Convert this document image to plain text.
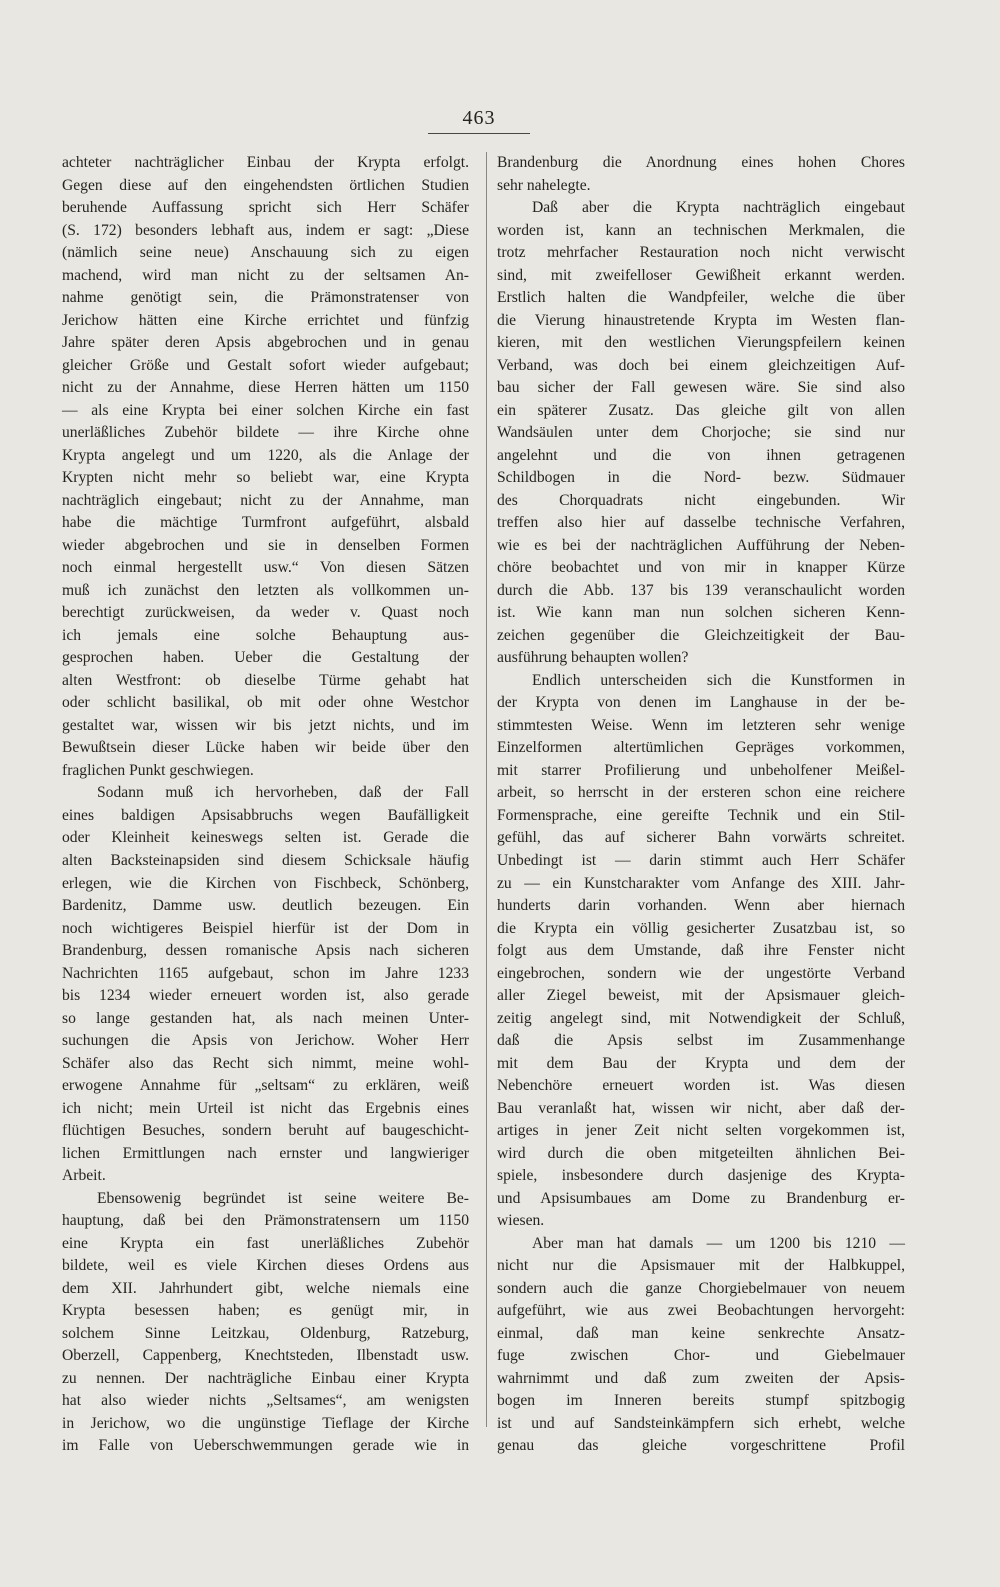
463
achteter nachträglicher Einbau der Krypta erfolgt.
Gegen diese auf den eingehendsten örtlichen Studien
beruhende Auffassung spricht sich Herr Schäfer
(S. 172) besonders lebhaft aus, indem er sagt: „Diese
(nämlich seine neue) Anschauung sich zu eigen
machend, wird man nicht zu der seltsamen An-
nahme genötigt sein, die Prämonstratenser von
Jerichow hätten eine Kirche errichtet und fünfzig
Jahre später deren Apsis abgebrochen und in genau
gleicher Größe und Gestalt sofort wieder aufgebaut;
nicht zu der Annahme, diese Herren hätten um 1150
— als eine Krypta bei einer solchen Kirche ein fast
unerläßliches Zubehör bildete — ihre Kirche ohne
Krypta angelegt und um 1220, als die Anlage der
Krypten nicht mehr so beliebt war, eine Krypta
nachträglich eingebaut; nicht zu der Annahme, man
habe die mächtige Turmfront aufgeführt, alsbald
wieder abgebrochen und sie in denselben Formen
noch einmal hergestellt usw.“ Von diesen Sätzen
muß ich zunächst den letzten als vollkommen un-
berechtigt zurückweisen, da weder v. Quast noch
ich jemals eine solche Behauptung aus-
gesprochen haben. Ueber die Gestaltung der
alten Westfront: ob dieselbe Türme gehabt hat
oder schlicht basilikal, ob mit oder ohne Westchor
gestaltet war, wissen wir bis jetzt nichts, und im
Bewußtsein dieser Lücke haben wir beide über den
fraglichen Punkt geschwiegen.
Sodann muß ich hervorheben, daß der Fall
eines baldigen Apsisabbruchs wegen Baufälligkeit
oder Kleinheit keineswegs selten ist. Gerade die
alten Backsteinapsiden sind diesem Schicksale häufig
erlegen, wie die Kirchen von Fischbeck, Schönberg,
Bardenitz, Damme usw. deutlich bezeugen. Ein
noch wichtigeres Beispiel hierfür ist der Dom in
Brandenburg, dessen romanische Apsis nach sicheren
Nachrichten 1165 aufgebaut, schon im Jahre 1233
bis 1234 wieder erneuert worden ist, also gerade
so lange gestanden hat, als nach meinen Unter-
suchungen die Apsis von Jerichow. Woher Herr
Schäfer also das Recht sich nimmt, meine wohl-
erwogene Annahme für „seltsam“ zu erklären, weiß
ich nicht; mein Urteil ist nicht das Ergebnis eines
flüchtigen Besuches, sondern beruht auf baugeschicht-
lichen Ermittlungen nach ernster und langwieriger
Arbeit.
Ebensowenig begründet ist seine weitere Be-
hauptung, daß bei den Prämonstratensern um 1150
eine Krypta ein fast unerläßliches Zubehör
bildete, weil es viele Kirchen dieses Ordens aus
dem XII. Jahrhundert gibt, welche niemals eine
Krypta besessen haben; es genügt mir, in
solchem Sinne Leitzkau, Oldenburg, Ratzeburg,
Oberzell, Cappenberg, Knechtsteden, Ilbenstadt usw.
zu nennen. Der nachträgliche Einbau einer Krypta
hat also wieder nichts „Seltsames“, am wenigsten
in Jerichow, wo die ungünstige Tieflage der Kirche
im Falle von Ueberschwemmungen gerade wie in
Brandenburg die Anordnung eines hohen Chores
sehr nahelegte.
Daß aber die Krypta nachträglich eingebaut
worden ist, kann an technischen Merkmalen, die
trotz mehrfacher Restauration noch nicht verwischt
sind, mit zweifelloser Gewißheit erkannt werden.
Erstlich halten die Wandpfeiler, welche die über
die Vierung hinaustretende Krypta im Westen flan-
kieren, mit den westlichen Vierungspfeilern keinen
Verband, was doch bei einem gleichzeitigen Auf-
bau sicher der Fall gewesen wäre. Sie sind also
ein späterer Zusatz. Das gleiche gilt von allen
Wandsäulen unter dem Chorjoche; sie sind nur
angelehnt und die von ihnen getragenen
Schildbogen in die Nord- bezw. Südmauer
des Chorquadrats nicht eingebunden. Wir
treffen also hier auf dasselbe technische Verfahren,
wie es bei der nachträglichen Aufführung der Neben-
chöre beobachtet und von mir in knapper Kürze
durch die Abb. 137 bis 139 veranschaulicht worden
ist. Wie kann man nun solchen sicheren Kenn-
zeichen gegenüber die Gleichzeitigkeit der Bau-
ausführung behaupten wollen?
Endlich unterscheiden sich die Kunstformen in
der Krypta von denen im Langhause in der be-
stimmtesten Weise. Wenn im letzteren sehr wenige
Einzelformen altertümlichen Gepräges vorkommen,
mit starrer Profilierung und unbeholfener Meißel-
arbeit, so herrscht in der ersteren schon eine reichere
Formensprache, eine gereifte Technik und ein Stil-
gefühl, das auf sicherer Bahn vorwärts schreitet.
Unbedingt ist — darin stimmt auch Herr Schäfer
zu — ein Kunstcharakter vom Anfange des XIII. Jahr-
hunderts darin vorhanden. Wenn aber hiernach
die Krypta ein völlig gesicherter Zusatzbau ist, so
folgt aus dem Umstande, daß ihre Fenster nicht
eingebrochen, sondern wie der ungestörte Verband
aller Ziegel beweist, mit der Apsismauer gleich-
zeitig angelegt sind, mit Notwendigkeit der Schluß,
daß die Apsis selbst im Zusammenhange
mit dem Bau der Krypta und dem der
Nebenchöre erneuert worden ist. Was diesen
Bau veranlaßt hat, wissen wir nicht, aber daß der-
artiges in jener Zeit nicht selten vorgekommen ist,
wird durch die oben mitgeteilten ähnlichen Bei-
spiele, insbesondere durch dasjenige des Krypta-
und Apsisumbaues am Dome zu Brandenburg er-
wiesen.
Aber man hat damals — um 1200 bis 1210 —
nicht nur die Apsismauer mit der Halbkuppel,
sondern auch die ganze Chorgiebelmauer von neuem
aufgeführt, wie aus zwei Beobachtungen hervorgeht:
einmal, daß man keine senkrechte Ansatz-
fuge zwischen Chor- und Giebelmauer
wahrnimmt und daß zum zweiten der Apsis-
bogen im Inneren bereits stumpf spitzbogig
ist und auf Sandsteinkämpfern sich erhebt, welche
genau das gleiche vorgeschrittene Profil
